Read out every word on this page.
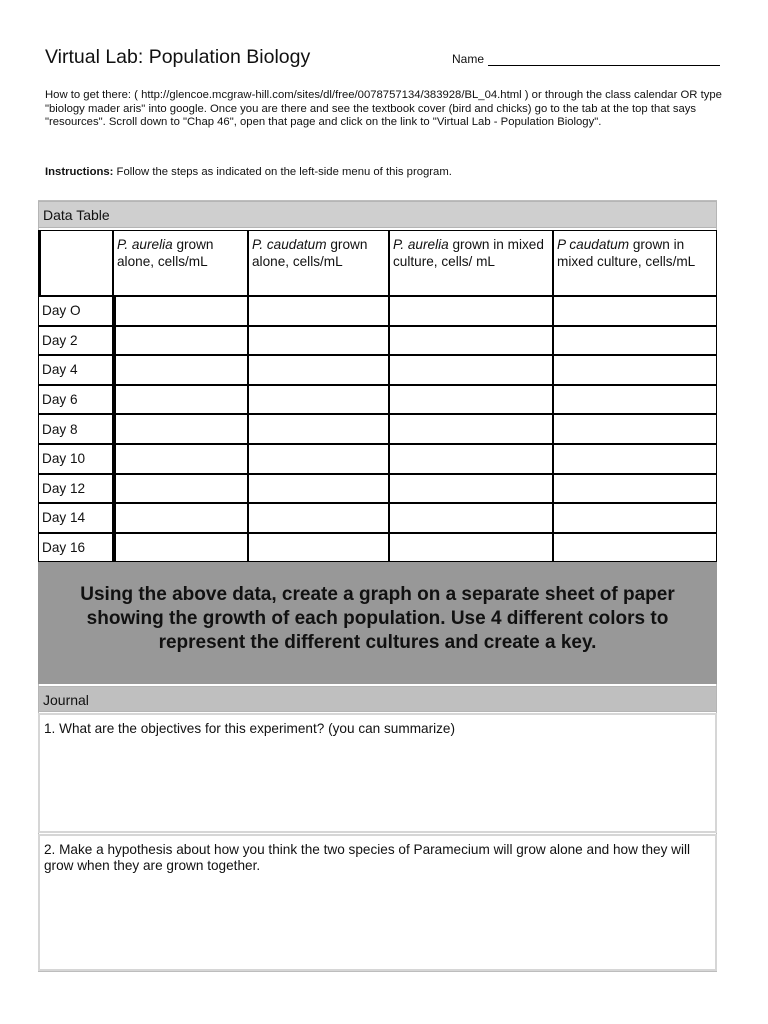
Virtual Lab: Population Biology	Name
How to get there: ( http://glencoe.mcgraw-hill.com/sites/dl/free/0078757134/383928/BL_04.html ) or through the class calendar OR type "biology mader aris" into google. Once you are there and see the textbook cover (bird and chicks) go to the tab at the top that says "resources". Scroll down to "Chap 46", open that page and click on the link to "Virtual Lab - Population Biology".
Instructions: Follow the steps as indicated on the left-side menu of this program.
Data Table
	P. aurelia grown alone, cells/mL	P. caudatum grown alone, cells/mL	P. aurelia grown in mixed culture, cells/ mL	P caudatum grown in mixed culture, cells/mL
Day O				
Day 2				
Day 4				
Day 6				
Day 8				
Day 10				
Day 12				
Day 14				
Day 16				
Using the above data, create a graph on a separate sheet of paper showing the growth of each population. Use 4 different colors to represent the different cultures and create a key.
Journal
1. What are the objectives for this experiment? (you can summarize)
2. Make a hypothesis about how you think the two species of Paramecium will grow alone and how they will grow when they are grown together.
